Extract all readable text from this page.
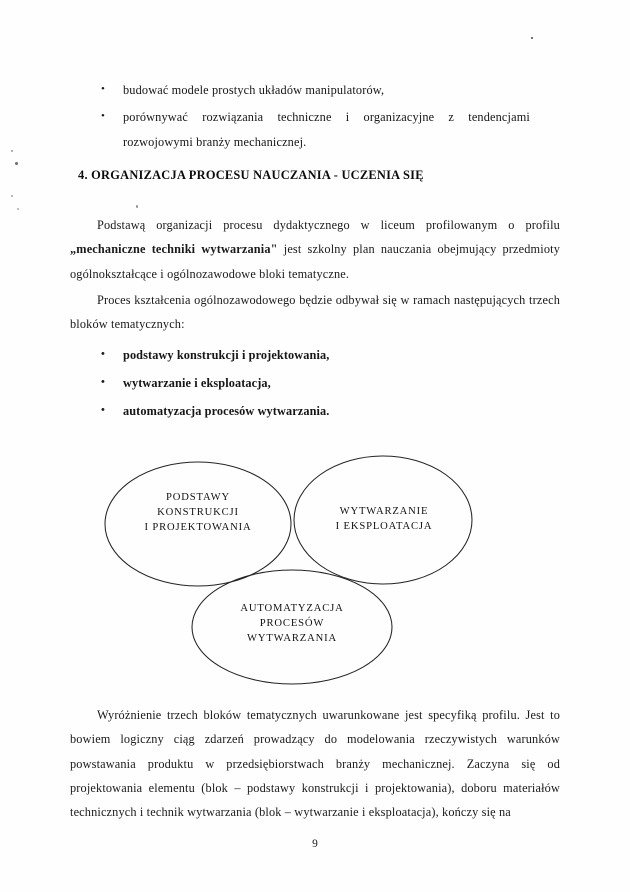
• budować modele prostych układów manipulatorów,
• porównywać rozwiązania techniczne i organizacyjne z tendencjami rozwojowymi branży mechanicznej.
4. ORGANIZACJA PROCESU NAUCZANIA - UCZENIA SIĘ

Podstawą organizacji procesu dydaktycznego w liceum profilowanym o profilu „mechaniczne techniki wytwarzania" jest szkolny plan nauczania obejmujący przedmioty ogólnokształcące i ogólnozawodowe bloki tematyczne.

Proces kształcenia ogólnozawodowego będzie odbywał się w ramach następujących trzech bloków tematycznych:

• podstawy konstrukcji i projektowania,
• wytwarzanie i eksploatacja,
• automatyzacja procesów wytwarzania.
PODSTAWY
KONSTRUKCJI
I PROJEKTOWANIA
WYTWARZANIE
I EKSPLOATACJA
AUTOMATYZACJA
PROCESÓW
WYTWARZANIA

Wyróżnienie trzech bloków tematycznych uwarunkowane jest specyfiką profilu. Jest to bowiem logiczny ciąg zdarzeń prowadzący do modelowania rzeczywistych warunków powstawania produktu w przedsiębiorstwach branży mechanicznej. Zaczyna się od projektowania elementu (blok – podstawy konstrukcji i projektowania), doboru materiałów technicznych i technik wytwarzania (blok – wytwarzanie i eksploatacja), kończy się na

9
